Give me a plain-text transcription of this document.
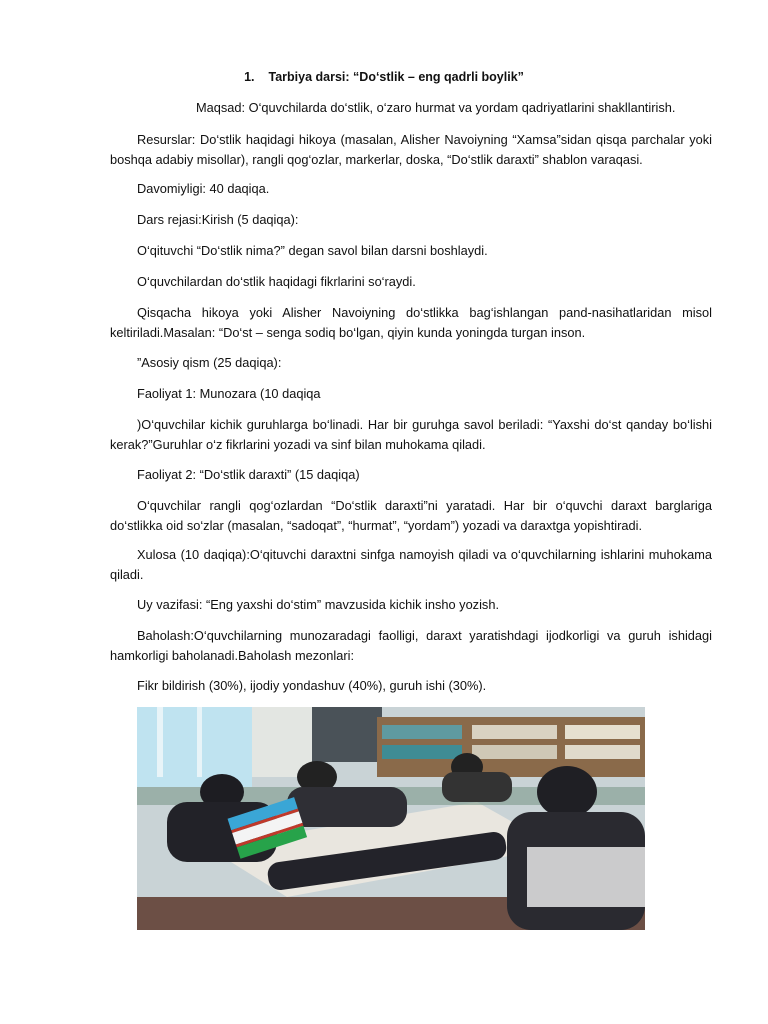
1. Tarbiya darsi: “Do‘stlik – eng qadrli boylik”
Maqsad: O‘quvchilarda do‘stlik, o‘zaro hurmat va yordam qadriyatlarini shakllantirish.
Resurslar: Do‘stlik haqidagi hikoya (masalan, Alisher Navoiyning “Xamsa”sidan qisqa parchalar yoki boshqa adabiy misollar), rangli qog‘ozlar, markerlar, doska, “Do‘stlik daraxti” shablon varaqasi.
Davomiyligi: 40 daqiqa.
Dars rejasi:Kirish (5 daqiqa):
O‘qituvchi “Do‘stlik nima?” degan savol bilan darsni boshlaydi.
O‘quvchilardan do‘stlik haqidagi fikrlarini so‘raydi.
Qisqacha hikoya yoki Alisher Navoiyning do‘stlikka bag‘ishlangan pand-nasihatlaridan misol keltiriladi.Masalan: “Do‘st – senga sodiq bo‘lgan, qiyin kunda yoningda turgan inson.
”Asosiy qism (25 daqiqa):
Faoliyat 1: Munozara (10 daqiqa
)O‘quvchilar kichik guruhlarga bo‘linadi. Har bir guruhga savol beriladi: “Yaxshi do‘st qanday bo‘lishi kerak?”Guruhlar o‘z fikrlarini yozadi va sinf bilan muhokama qiladi.
Faoliyat 2: “Do‘stlik daraxti” (15 daqiqa)
O‘quvchilar rangli qog‘ozlardan “Do‘stlik daraxti”ni yaratadi. Har bir o‘quvchi daraxt barglariga do‘stlikka oid so‘zlar (masalan, “sadoqat”, “hurmat”, “yordam”) yozadi va daraxtga yopishtiradi.
Xulosa (10 daqiqa):O‘qituvchi daraxtni sinfga namoyish qiladi va o‘quvchilarning ishlarini muhokama qiladi.
Uy vazifasi: “Eng yaxshi do‘stim” mavzusida kichik insho yozish.
Baholash:O‘quvchilarning munozaradagi faolligi, daraxt yaratishdagi ijodkorligi va guruh ishidagi hamkorligi baholanadi.Baholash mezonlari:
Fikr bildirish (30%), ijodiy yondashuv (40%), guruh ishi (30%).
